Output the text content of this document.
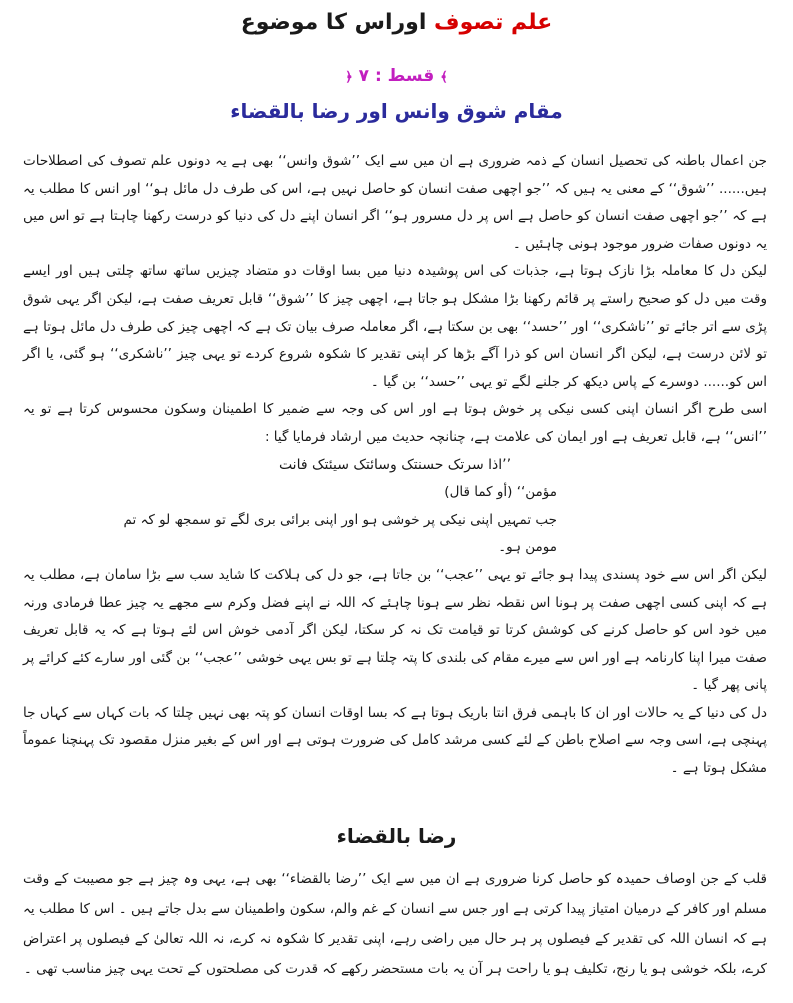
علم تصوف اوراس کا موضوع
﴾ قسط : ۷ ﴿
مقام شوق وانس اور رضا بالقضاء

جن اعمال باطنہ کی تحصیل انسان کے ذمہ ضروری ہے ان میں سے ایک ’’شوق وانس‘‘ بھی ہے یہ دونوں علم تصوف کی اصطلاحات ہیں...... ’’شوق‘‘ کے معنی یہ ہیں کہ ’’جو اچھی صفت انسان کو حاصل نہیں ہے، اس کی طرف دل مائل ہو‘‘ اور انس کا مطلب یہ ہے کہ ’’جو اچھی صفت انسان کو حاصل ہے اس پر دل مسرور ہو‘‘ اگر انسان اپنے دل کی دنیا کو درست رکھنا چاہتا ہے تو اس میں یہ دونوں صفات ضرور موجود ہونی چاہئیں ۔

لیکن دل کا معاملہ بڑا نازک ہوتا ہے، جذبات کی اس پوشیدہ دنیا میں بسا اوقات دو متضاد چیزیں ساتھ ساتھ چلتی ہیں اور ایسے وقت میں دل کو صحیح راستے پر قائم رکھنا بڑا مشکل ہو جاتا ہے، اچھی چیز کا ’’شوق‘‘ قابل تعریف صفت ہے، لیکن اگر یہی شوق پڑی سے اتر جائے تو ’’ناشکری‘‘ اور ’’حسد‘‘ بھی بن سکتا ہے، اگر معاملہ صرف بیان تک ہے کہ اچھی چیز کی طرف دل مائل ہوتا ہے تو لائن درست ہے، لیکن اگر انسان اس کو ذرا آگے بڑھا کر اپنی تقدیر کا شکوہ شروع کردے تو یہی چیز ’’ناشکری‘‘ ہو گئی، یا اگر اس کو...... دوسرے کے پاس دیکھ کر جلنے لگے تو یہی ’’حسد‘‘ بن گیا ۔

اسی طرح اگر انسان اپنی کسی نیکی پر خوش ہوتا ہے اور اس کی وجہ سے ضمیر کا اطمینان وسکون محسوس کرتا ہے تو یہ ’’انس‘‘ ہے، قابل تعریف ہے اور ایمان کی علامت ہے، چنانچہ حدیث میں ارشاد فرمایا گیا :

’’اذا سرتک حسنتک وسائتک سیئتک فانت

مؤمن‘‘ (أو کما قال)

جب تمہیں اپنی نیکی پر خوشی ہو اور اپنی برائی بری لگے تو سمجھ لو کہ تم

مومن ہو۔

لیکن اگر اس سے خود پسندی پیدا ہو جائے تو یہی ’’عجب‘‘ بن جاتا ہے، جو دل کی ہلاکت کا شاید سب سے بڑا سامان ہے، مطلب یہ ہے کہ اپنی کسی اچھی صفت پر ہونا اس نقطہ نظر سے ہونا چاہئے کہ اللہ نے اپنے فضل وکرم سے مجھے یہ چیز عطا فرمادی ورنہ میں خود اس کو حاصل کرنے کی کوشش کرتا تو قیامت تک نہ کر سکتا، لیکن اگر آدمی خوش اس لئے ہوتا ہے کہ یہ قابل تعریف صفت میرا اپنا کارنامہ ہے اور اس سے میرے مقام کی بلندی کا پتہ چلتا ہے تو بس یہی خوشی ’’عجب‘‘ بن گئی اور سارے کئے کرائے پر پانی پھر گیا ۔

دل کی دنیا کے یہ حالات اور ان کا باہمی فرق انتا باریک ہوتا ہے کہ بسا اوقات انسان کو پتہ بھی نہیں چلتا کہ بات کہاں سے کہاں جا پہنچی ہے، اسی وجہ سے اصلاح باطن کے لئے کسی مرشد کامل کی ضرورت ہوتی ہے اور اس کے بغیر منزل مقصود تک پہنچنا عموماً مشکل ہوتا ہے ۔

رضا بالقضاء

قلب کے جن اوصاف حمیدہ کو حاصل کرنا ضروری ہے ان میں سے ایک ’’رضا بالقضاء‘‘ بھی ہے، یہی وہ چیز ہے جو مصیبت کے وقت مسلم اور کافر کے درمیان امتیاز پیدا کرتی ہے اور جس سے انسان کے غم والم، سکون واطمینان سے بدل جاتے ہیں ۔ اس کا مطلب یہ ہے کہ انسان اللہ کی تقدیر کے فیصلوں پر ہر حال میں راضی رہے، اپنی تقدیر کا شکوہ نہ کرے، نہ اللہ تعالیٰ کے فیصلوں پر اعتراض کرے، بلکہ خوشی ہو یا رنج، تکلیف ہو یا راحت ہر آن یہ بات مستحضر رکھے کہ قدرت کی مصلحتوں کے تحت یہی چیز مناسب تھی ۔
